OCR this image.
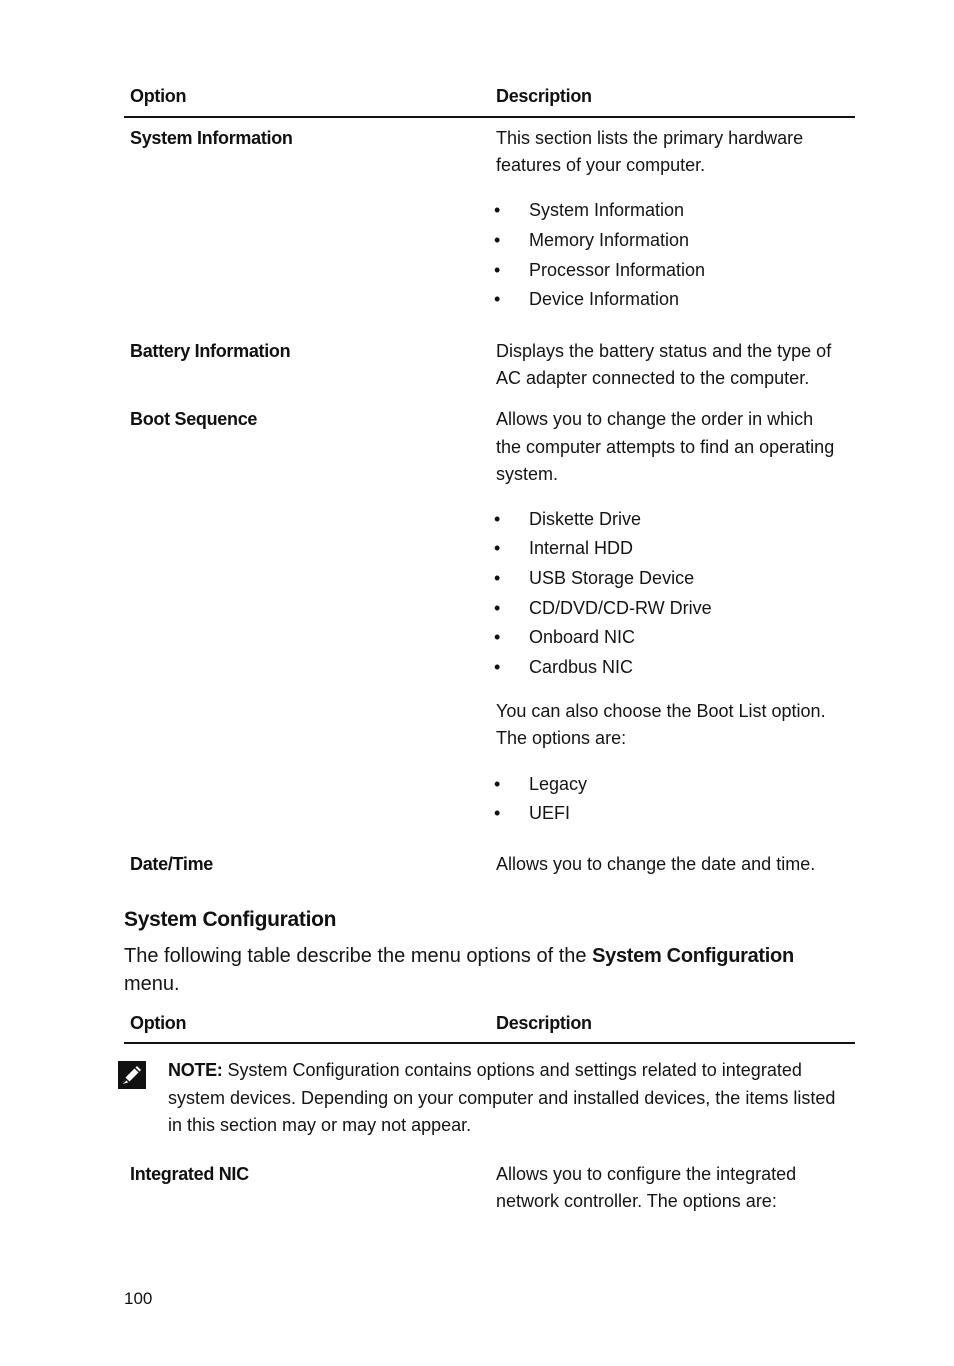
Option	Description
System Information	This section lists the primary hardware
features of your computer.
• System Information
• Memory Information
• Processor Information
• Device Information
Battery Information	Displays the battery status and the type of
AC adapter connected to the computer.
Boot Sequence	Allows you to change the order in which
the computer attempts to find an operating
system.
• Diskette Drive
• Internal HDD
• USB Storage Device
• CD/DVD/CD-RW Drive
• Onboard NIC
• Cardbus NIC
You can also choose the Boot List option.
The options are:
• Legacy
• UEFI
Date/Time	Allows you to change the date and time.
System Configuration
The following table describe the menu options of the System Configuration
menu.
Option	Description
NOTE: System Configuration contains options and settings related to integrated
system devices. Depending on your computer and installed devices, the items listed
in this section may or may not appear.
Integrated NIC	Allows you to configure the integrated
network controller. The options are:
100
